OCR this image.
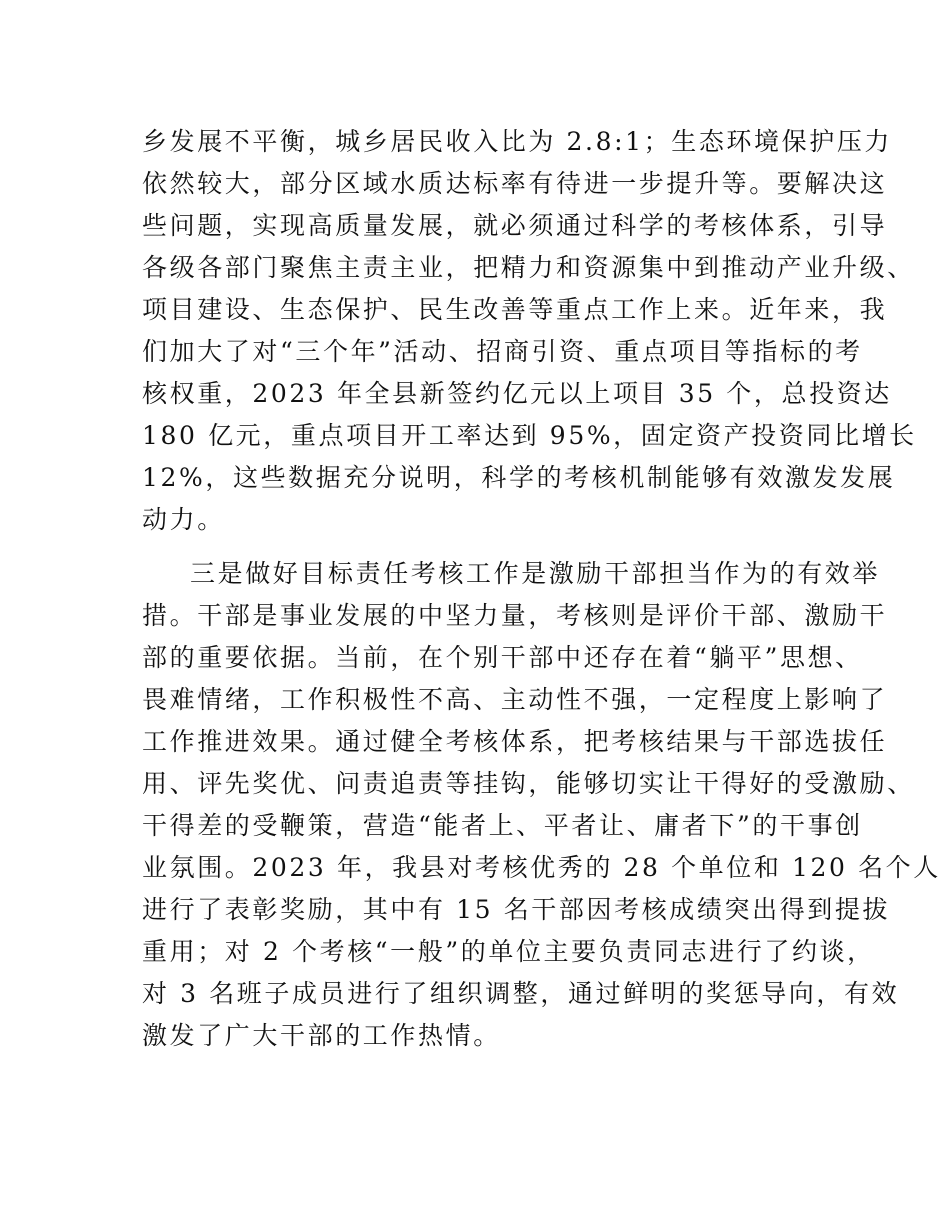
乡发展不平衡，城乡居民收入比为 2.8:1；生态环境保护压力
依然较大，部分区域水质达标率有待进一步提升等。要解决这
些问题，实现高质量发展，就必须通过科学的考核体系，引导
各级各部门聚焦主责主业，把精力和资源集中到推动产业升级、
项目建设、生态保护、民生改善等重点工作上来。近年来，我
们加大了对“三个年”活动、招商引资、重点项目等指标的考
核权重，2023 年全县新签约亿元以上项目 35 个，总投资达
180 亿元，重点项目开工率达到 95%，固定资产投资同比增长
12%，这些数据充分说明，科学的考核机制能够有效激发发展
动力。
三是做好目标责任考核工作是激励干部担当作为的有效举
措。干部是事业发展的中坚力量，考核则是评价干部、激励干
部的重要依据。当前，在个别干部中还存在着“躺平”思想、
畏难情绪，工作积极性不高、主动性不强，一定程度上影响了
工作推进效果。通过健全考核体系，把考核结果与干部选拔任
用、评先奖优、问责追责等挂钩，能够切实让干得好的受激励、
干得差的受鞭策，营造“能者上、平者让、庸者下”的干事创
业氛围。2023 年，我县对考核优秀的 28 个单位和 120 名个人
进行了表彰奖励，其中有 15 名干部因考核成绩突出得到提拔
重用；对 2 个考核“一般”的单位主要负责同志进行了约谈，
对 3 名班子成员进行了组织调整，通过鲜明的奖惩导向，有效
激发了广大干部的工作热情。
